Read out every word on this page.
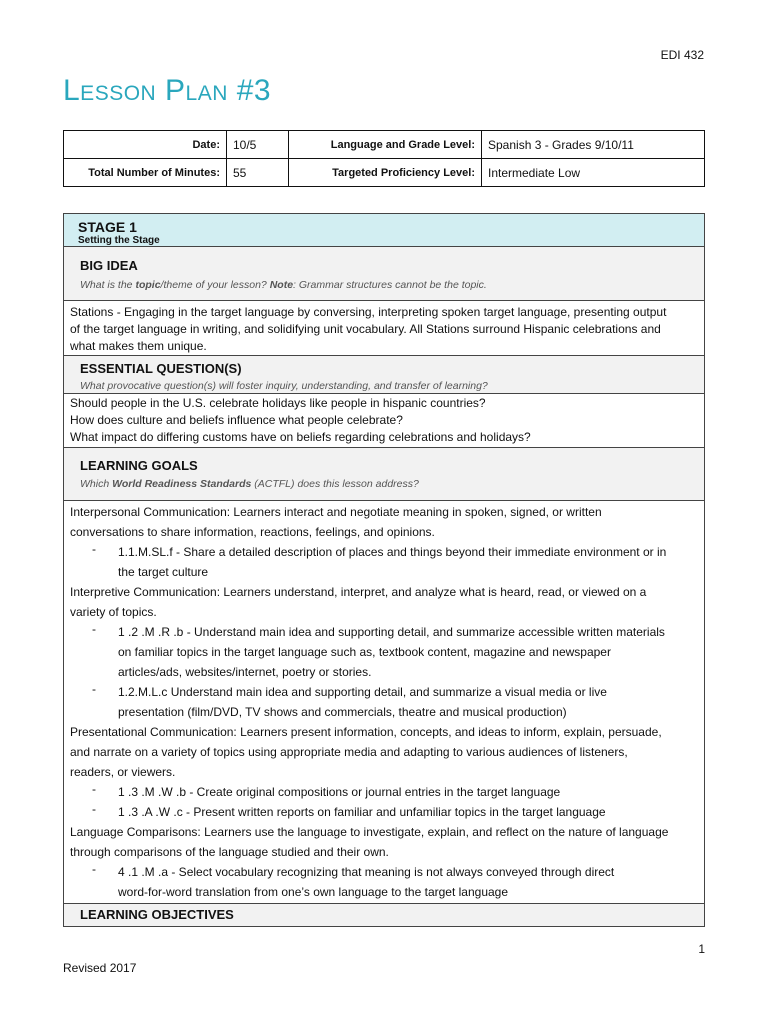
EDI 432
Lesson Plan #3
Date:	10/5	Language and Grade Level:	Spanish 3 - Grades 9/10/11
Total Number of Minutes:	55	Targeted Proficiency Level:	Intermediate Low
STAGE 1
Setting the Stage
BIG IDEA
What is the topic/theme of your lesson? Note: Grammar structures cannot be the topic.
Stations - Engaging in the target language by conversing, interpreting spoken target language, presenting output
of the target language in writing, and solidifying unit vocabulary. All Stations surround Hispanic celebrations and
what makes them unique.
ESSENTIAL QUESTION(S)
What provocative question(s) will foster inquiry, understanding, and transfer of learning?
Should people in the U.S. celebrate holidays like people in hispanic countries?
How does culture and beliefs influence what people celebrate?
What impact do differing customs have on beliefs regarding celebrations and holidays?
LEARNING GOALS
Which World Readiness Standards (ACTFL) does this lesson address?
Interpersonal Communication: Learners interact and negotiate meaning in spoken, signed, or written
conversations to share information, reactions, feelings, and opinions.
-	1.1.M.SL.f - Share a detailed description of places and things beyond their immediate environment or in
the target culture
Interpretive Communication: Learners understand, interpret, and analyze what is heard, read, or viewed on a
variety of topics.
-	1 .2 .M .R .b - Understand main idea and supporting detail, and summarize accessible written materials
on familiar topics in the target language such as, textbook content, magazine and newspaper
articles/ads, websites/internet, poetry or stories.
-	1.2.M.L.c Understand main idea and supporting detail, and summarize a visual media or live
presentation (film/DVD, TV shows and commercials, theatre and musical production)
Presentational Communication: Learners present information, concepts, and ideas to inform, explain, persuade,
and narrate on a variety of topics using appropriate media and adapting to various audiences of listeners,
readers, or viewers.
-	1 .3 .M .W .b - Create original compositions or journal entries in the target language
-	1 .3 .A .W .c - Present written reports on familiar and unfamiliar topics in the target language
Language Comparisons: Learners use the language to investigate, explain, and reflect on the nature of language
through comparisons of the language studied and their own.
-	4 .1 .M .a - Select vocabulary recognizing that meaning is not always conveyed through direct
word-for-word translation from one’s own language to the target language
LEARNING OBJECTIVES
1
Revised 2017
